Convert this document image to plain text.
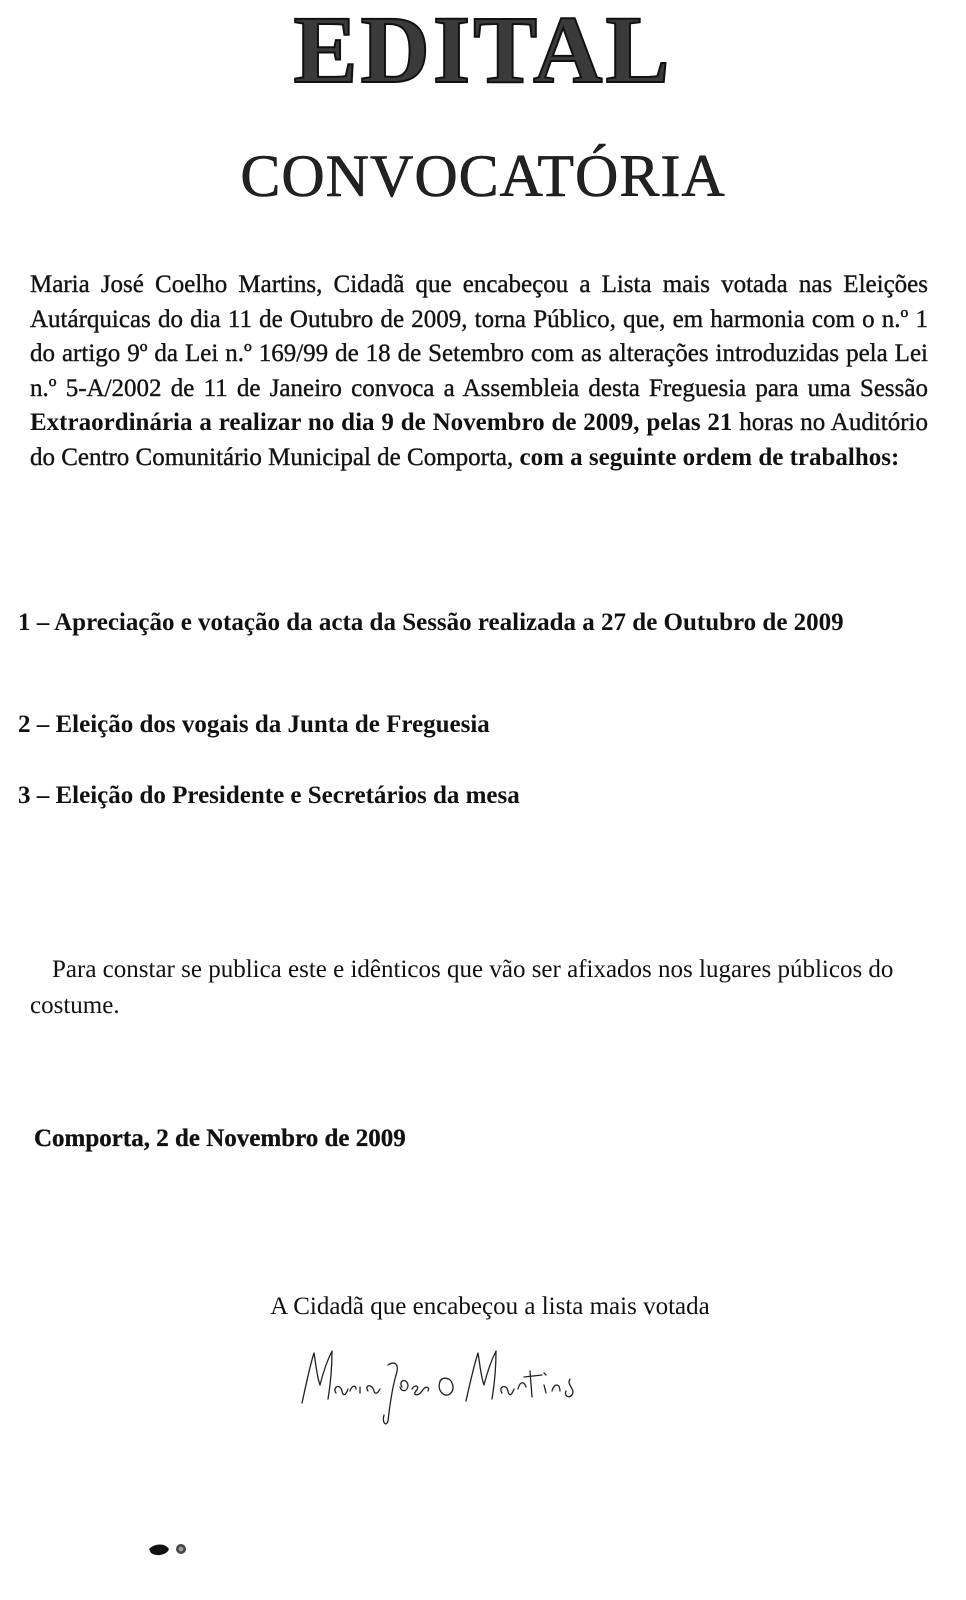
EDITAL
CONVOCATÓRIA
Maria José Coelho Martins, Cidadã que encabeçou a Lista mais votada nas Eleições Autárquicas do dia 11 de Outubro de 2009, torna Público, que, em harmonia com o n.º 1 do artigo 9º da Lei n.º 169/99 de 18 de Setembro com as alterações introduzidas pela Lei n.º 5-A/2002 de 11 de Janeiro convoca a Assembleia desta Freguesia para uma Sessão Extraordinária a realizar no dia 9 de Novembro de 2009, pelas 21 horas no Auditório do Centro Comunitário Municipal de Comporta, com a seguinte ordem de trabalhos:
1 – Apreciação e votação da acta da Sessão realizada a 27 de Outubro de 2009
2 – Eleição dos vogais da Junta de Freguesia
3 – Eleição do Presidente e Secretários da mesa
Para constar se publica este e idênticos que vão ser afixados nos lugares públicos do costume.
Comporta, 2 de Novembro de 2009
A Cidadã que encabeçou a lista mais votada
